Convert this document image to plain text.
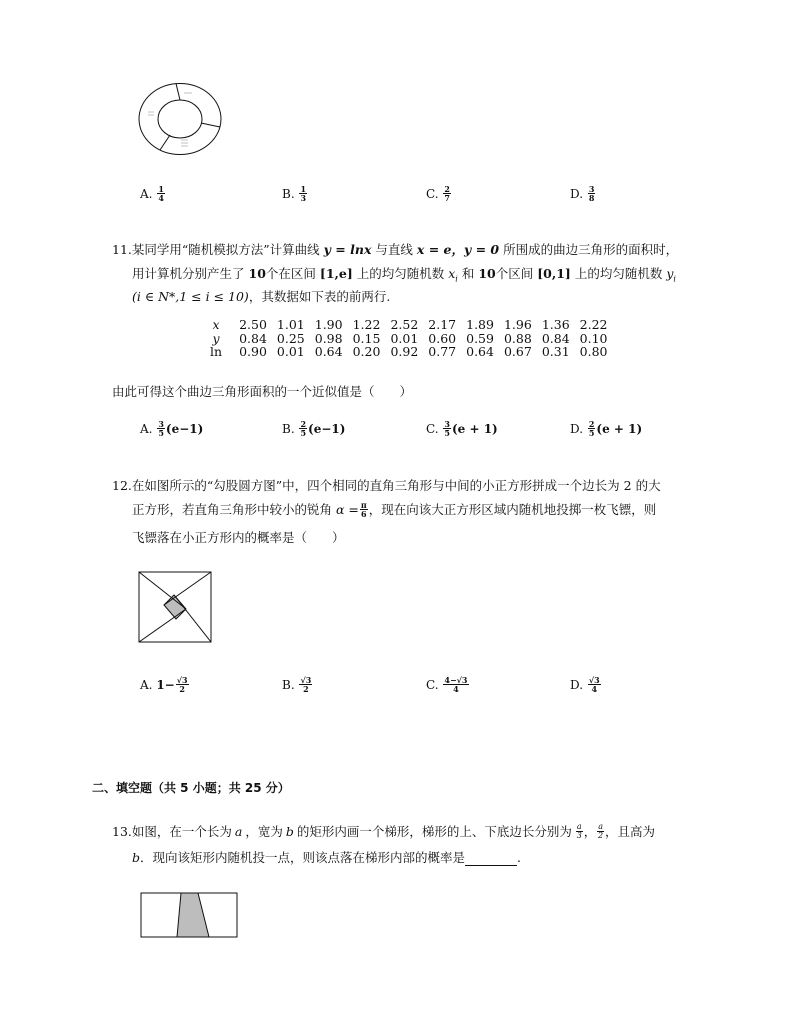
A.
$\frac{1}{4}$	B.
$\frac{1}{3}$	C.
$\frac{2}{7}$	D.
$\frac{3}{8}$
11.某同学用“随机模拟方法”计算曲线 y = lnx 与直线 x = e，y = 0 所围成的曲边三角形的面积时，
用计算机分别产生了 10个在区间 [1,e] 上的均匀随机数 $x_i$ 和 10个区间 [0,1] 上的均匀随机数 $y_i$
(i ∈ N*,1 ≤ i ≤ 10)，其数据如下表的前两行.
x	2.50	1.01	1.90	1.22	2.52	2.17	1.89	1.96	1.36	2.22
y	0.84	0.25	0.98	0.15	0.01	0.60	0.59	0.88	0.84	0.10
ln	0.90	0.01	0.64	0.20	0.92	0.77	0.64	0.67	0.31	0.80
由此可得这个曲边三角形面积的一个近似值是（　　）
A.
$\frac{3}{5} (e-1)$	B.
$\frac{2}{5} (e-1)$	C.
$\frac{3}{5} (e + 1)$	D.
$\frac{2}{5} (e + 1)$
12.在如图所示的“勾股圆方图”中，四个相同的直角三角形与中间的小正方形拼成一个边长为 2 的大
正方形，若直角三角形中较小的锐角 $\alpha = \frac{\pi}{6}$ ，现在向该大正方形区域内随机地投掷一枚飞镖，则
飞镖落在小正方形内的概率是（　　）
A.
$1- \frac{√3}{2}$	B.
$\frac{√3}{2}$	C.
$\frac{4-√3}{4}$	D.
$\frac{√3}{4}$
二、填空题（共 5 小题；共 25 分）
13. 如图，在一个长为 a ，宽为 b 的矩形内画一个梯形，梯形的上、下底边长分别为 $\frac{a}{3}$ ， $\frac{a}{2}$ ，且高为
b．现向该矩形内随机投一点，则该点落在梯形内部的概率是	.
